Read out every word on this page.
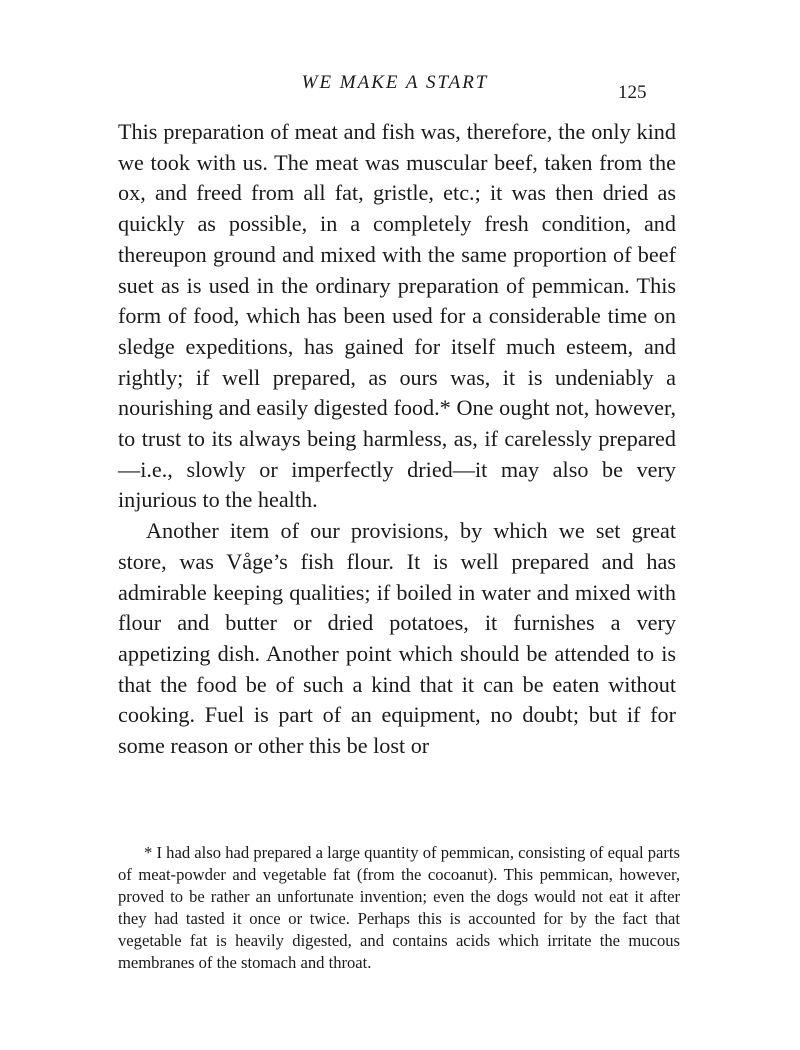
WE MAKE A START	125

This preparation of meat and fish was, therefore, the only kind we took with us. The meat was muscular beef, taken from the ox, and freed from all fat, gristle, etc.; it was then dried as quickly as possible, in a completely fresh condition, and thereupon ground and mixed with the same proportion of beef suet as is used in the ordinary preparation of pemmican. This form of food, which has been used for a considerable time on sledge expeditions, has gained for itself much esteem, and rightly; if well prepared, as ours was, it is undeniably a nourishing and easily digested food.* One ought not, however, to trust to its always being harmless, as, if carelessly prepared—i.e., slowly or imperfectly dried—it may also be very injurious to the health.

Another item of our provisions, by which we set great store, was Våge’s fish flour. It is well prepared and has admirable keeping qualities; if boiled in water and mixed with flour and butter or dried potatoes, it furnishes a very appetizing dish. Another point which should be attended to is that the food be of such a kind that it can be eaten without cooking. Fuel is part of an equipment, no doubt; but if for some reason or other this be lost or

* I had also had prepared a large quantity of pemmican, consisting of equal parts of meat-powder and vegetable fat (from the cocoanut). This pemmican, however, proved to be rather an unfortunate invention; even the dogs would not eat it after they had tasted it once or twice. Perhaps this is accounted for by the fact that vegetable fat is heavily digested, and contains acids which irritate the mucous membranes of the stomach and throat.
